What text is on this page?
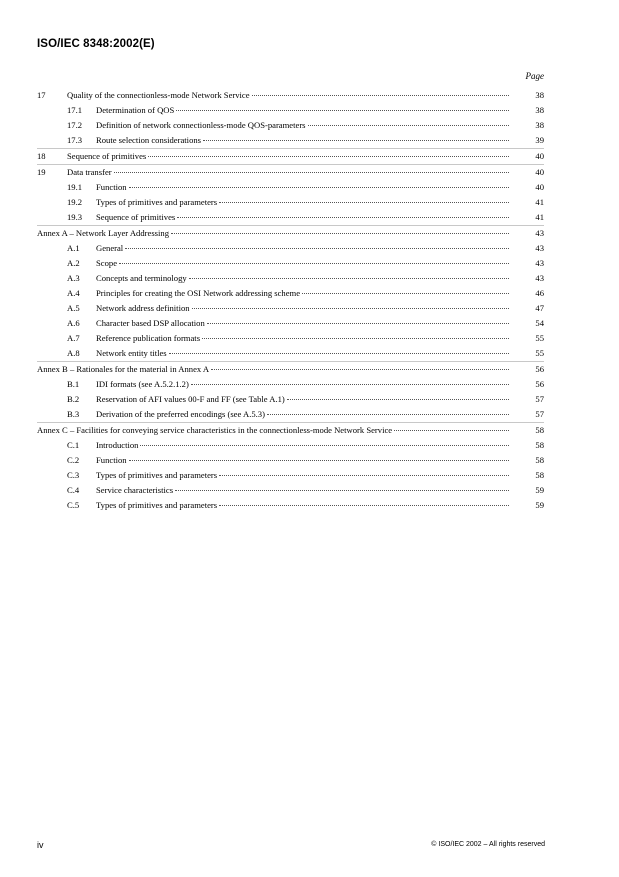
ISO/IEC 8348:2002(E)
Page
17	Quality of the connectionless-mode Network Service	38
17.1	Determination of QOS	38
17.2	Definition of network connectionless-mode QOS-parameters	38
17.3	Route selection considerations	39
18	Sequence of primitives	40
19	Data transfer	40
19.1	Function	40
19.2	Types of primitives and parameters	41
19.3	Sequence of primitives	41
Annex A – Network Layer Addressing	43
A.1	General	43
A.2	Scope	43
A.3	Concepts and terminology	43
A.4	Principles for creating the OSI Network addressing scheme	46
A.5	Network address definition	47
A.6	Character based DSP allocation	54
A.7	Reference publication formats	55
A.8	Network entity titles	55
Annex B – Rationales for the material in Annex A	56
B.1	IDI formats (see A.5.2.1.2)	56
B.2	Reservation of AFI values 00-F and FF (see Table A.1)	57
B.3	Derivation of the preferred encodings (see A.5.3)	57
Annex C – Facilities for conveying service characteristics in the connectionless-mode Network Service	58
C.1	Introduction	58
C.2	Function	58
C.3	Types of primitives and parameters	58
C.4	Service characteristics	59
C.5	Types of primitives and parameters	59
iv	© ISO/IEC 2002 – All rights reserved
